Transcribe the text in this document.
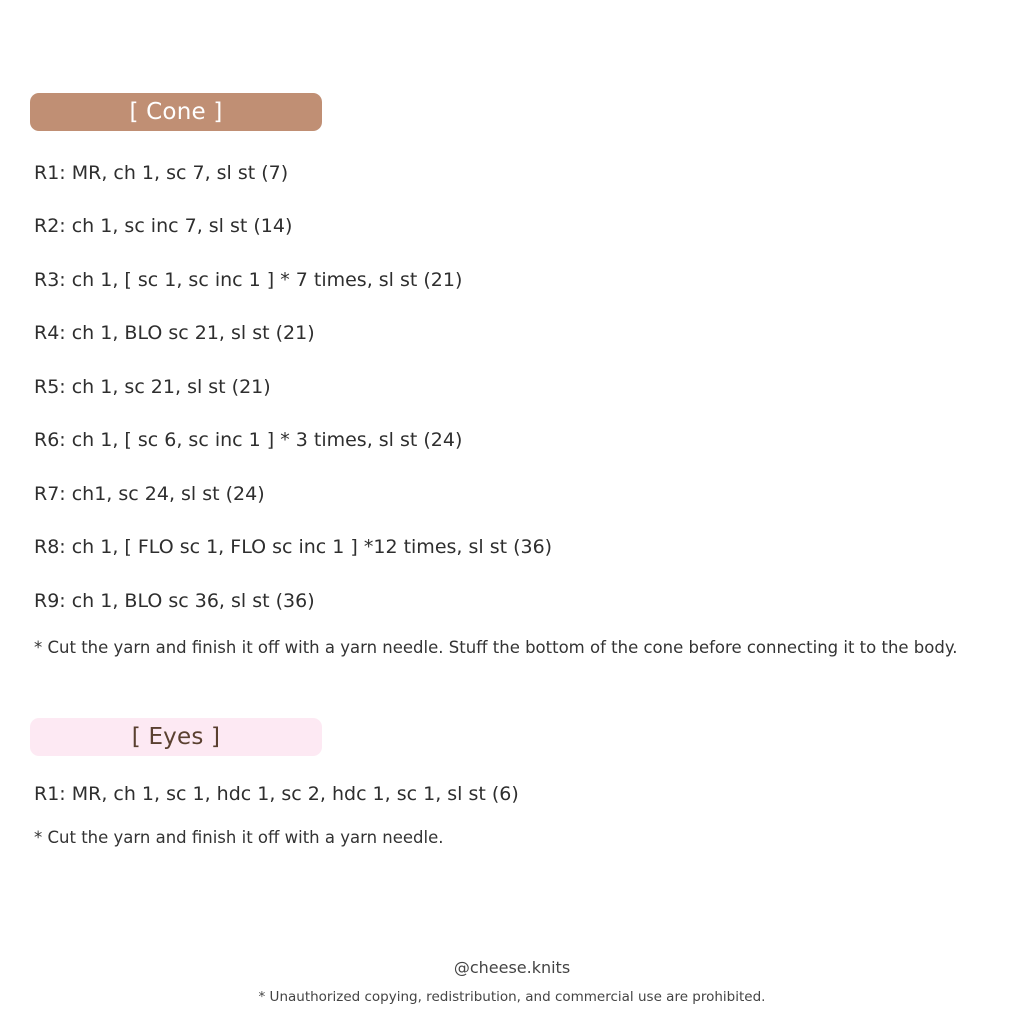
[ Cone ]
R1: MR, ch 1, sc 7, sl st (7)
R2: ch 1, sc inc 7, sl st (14)
R3: ch 1, [ sc 1, sc inc 1 ] * 7 times, sl st (21)
R4: ch 1, BLO sc 21, sl st (21)
R5: ch 1, sc 21, sl st (21)
R6: ch 1, [ sc 6, sc inc 1 ] * 3 times, sl st (24)
R7: ch1, sc 24, sl st (24)
R8: ch 1, [ FLO sc 1, FLO sc inc 1 ] *12 times, sl st (36)
R9: ch 1, BLO sc 36, sl st (36)
* Cut the yarn and finish it off with a yarn needle. Stuff the bottom of the cone before connecting it to the body.
[ Eyes ]
R1: MR, ch 1, sc 1, hdc 1, sc 2, hdc 1, sc 1, sl st (6)
* Cut the yarn and finish it off with a yarn needle.
@cheese.knits
* Unauthorized copying, redistribution, and commercial use are prohibited.
